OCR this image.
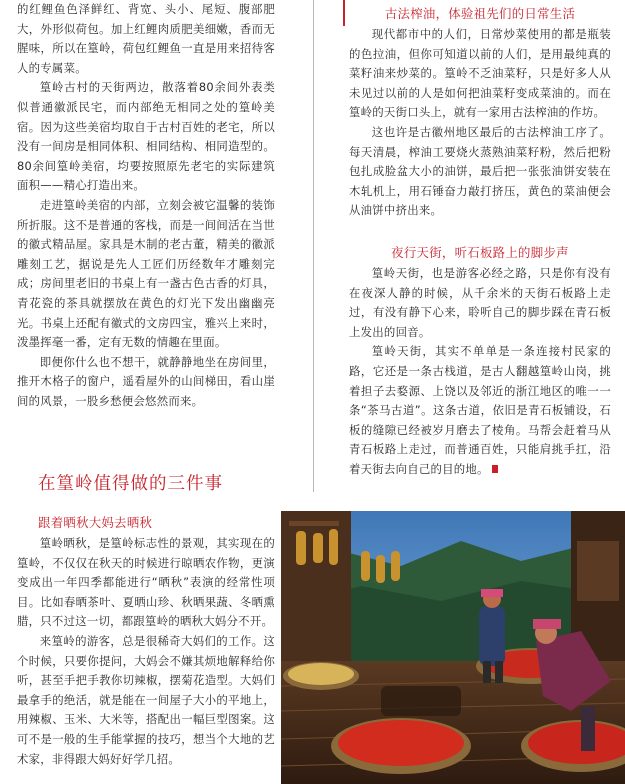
的红鲤鱼色泽鲜红、背宽、头小、尾短、腹部肥大，外形似荷包。加上红鲤肉质肥美细嫩，香而无腥味，所以在篁岭，荷包红鲤鱼一直是用来招待客人的专属菜。

篁岭古村的天街两边，散落着80余间外表类似普通徽派民宅，而内部绝无相同之处的篁岭美宿。因为这些美宿均取自于古村百姓的老宅，所以没有一间房是相同体积、相同结构、相同造型的。80余间篁岭美宿，均要按照原先老宅的实际建筑面积——精心打造出来。

走进篁岭美宿的内部，立刻会被它温馨的装饰所折服。这不是普通的客栈，而是一间间活在当世的徽式精品屋。家具是木制的老古董，精美的徽派雕刻工艺，据说是先人工匠们历经数年才雕刻完成；房间里老旧的书桌上有一盏古色古香的灯具，青花瓷的茶具就摆放在黄色的灯光下发出幽幽亮光。书桌上还配有徽式的文房四宝，雅兴上来时，泼墨挥毫一番，定有无数的情趣在里面。

即便你什么也不想干，就静静地坐在房间里，推开木格子的窗户，遥看屋外的山间梯田，看山崖间的风景，一股乡愁便会悠然而来。

古法榨油，体验祖先们的日常生活

现代都市中的人们，日常炒菜使用的都是瓶装的色拉油，但你可知道以前的人们，是用最纯真的菜籽油来炒菜的。篁岭不乏油菜籽，只是好多人从未见过以前的人是如何把油菜籽变成菜油的。而在篁岭的天街口头上，就有一家用古法榨油的作坊。

这也许是古徽州地区最后的古法榨油工序了。每天清晨，榨油工要烧火蒸熟油菜籽粉，然后把粉包扎成脸盆大小的油饼，最后把一张张油饼安装在木轧机上，用石锤奋力敲打挤压，黄色的菜油便会从油饼中挤出来。

夜行天街，听石板路上的脚步声

篁岭天街，也是游客必经之路，只是你有没有在夜深人静的时候，从千余米的天街石板路上走过，有没有静下心来，聆听自己的脚步踩在青石板上发出的回音。

篁岭天街，其实不单单是一条连接村民家的路，它还是一条古栈道，是古人翻越篁岭山岗，挑着担子去婺源、上饶以及邻近的浙江地区的唯一一条“茶马古道”。这条古道，依旧是青石板铺设，石板的缝隙已经被岁月磨去了棱角。马帮会赶着马从青石板路上走过，而普通百姓，只能肩挑手扛，沿着天街去向自己的目的地。

在篁岭值得做的三件事
跟着晒秋大妈去晒秋

篁岭晒秋，是篁岭标志性的景观，其实现在的篁岭，不仅仅在秋天的时候进行晾晒农作物，更演变成出一年四季都能进行“晒秋”表演的经常性项目。比如春晒茶叶、夏晒山珍、秋晒果蔬、冬晒熏腊，只不过这一切，都跟篁岭的晒秋大妈分不开。

来篁岭的游客，总是很稀奇大妈们的工作。这个时候，只要你提问，大妈会不嫌其烦地解释给你听，甚至手把手教你切辣椒，摆菊花造型。大妈们最拿手的绝活，就是能在一间屋子大小的平地上，用辣椒、玉米、大米等，搭配出一幅巨型图案。这可不是一般的生手能掌握的技巧，想当个大地的艺术家，非得跟大妈好好学几招。
